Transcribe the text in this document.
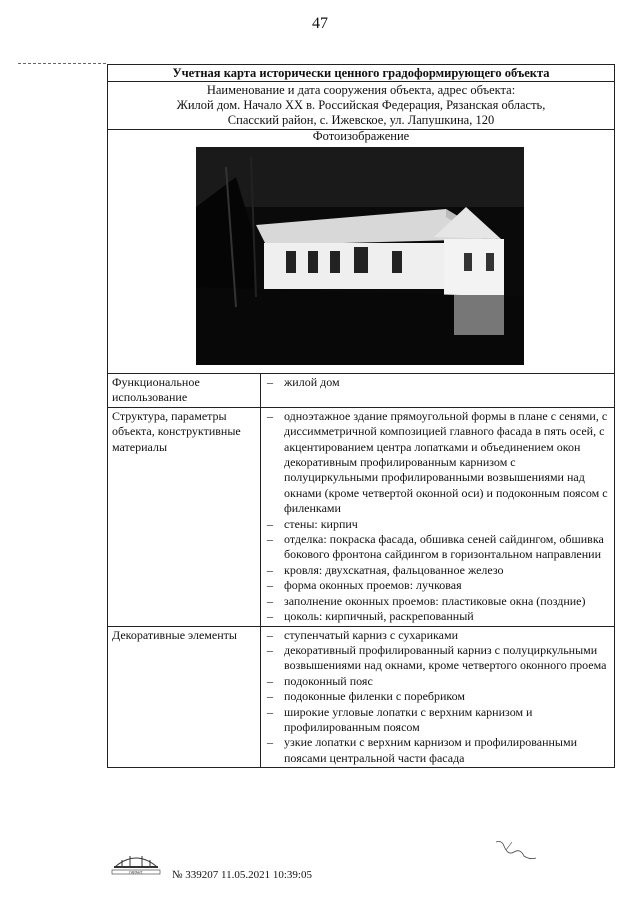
47
Учетная карта исторически ценного градоформирующего объекта
Наименование и дата сооружения объекта, адрес объекта:
Жилой дом. Начало XX в. Российская Федерация, Рязанская область,
Спасский район, с. Ижевское, ул. Лапушкина, 120
Фотоизображение
Функциональное использование
– жилой дом
Структура, параметры объекта, конструктивные материалы
– одноэтажное здание прямоугольной формы в плане с сенями, с диссимметричной композицией главного фасада в пять осей, с акцентированием центра лопатками и объединением окон декоративным профилированным карнизом с полуциркульными профилированными возвышениями над окнами (кроме четвертой оконной оси) и подоконным поясом с филенками
– стены: кирпич
– отделка: покраска фасада, обшивка сеней сайдингом, обшивка бокового фронтона сайдингом в горизонтальном направлении
– кровля: двухскатная, фальцованное железо
– форма оконных проемов: лучковая
– заполнение оконных проемов: пластиковые окна (поздние)
– цоколь: кирпичный, раскрепованный
Декоративные элементы
–	ступенчатый карниз с сухариками
– декоративный профилированный карниз с полуциркульными возвышениями над окнами, кроме четвертого оконного проема
– подоконный пояс
– подоконные филенки с поребриком
– широкие угловые лопатки с верхним карнизом и профилированным поясом
– узкие лопатки с верхним карнизом и профилированными поясами центральной части фасада
ГАРАНТ	№ 339207 11.05.2021 10:39:05
